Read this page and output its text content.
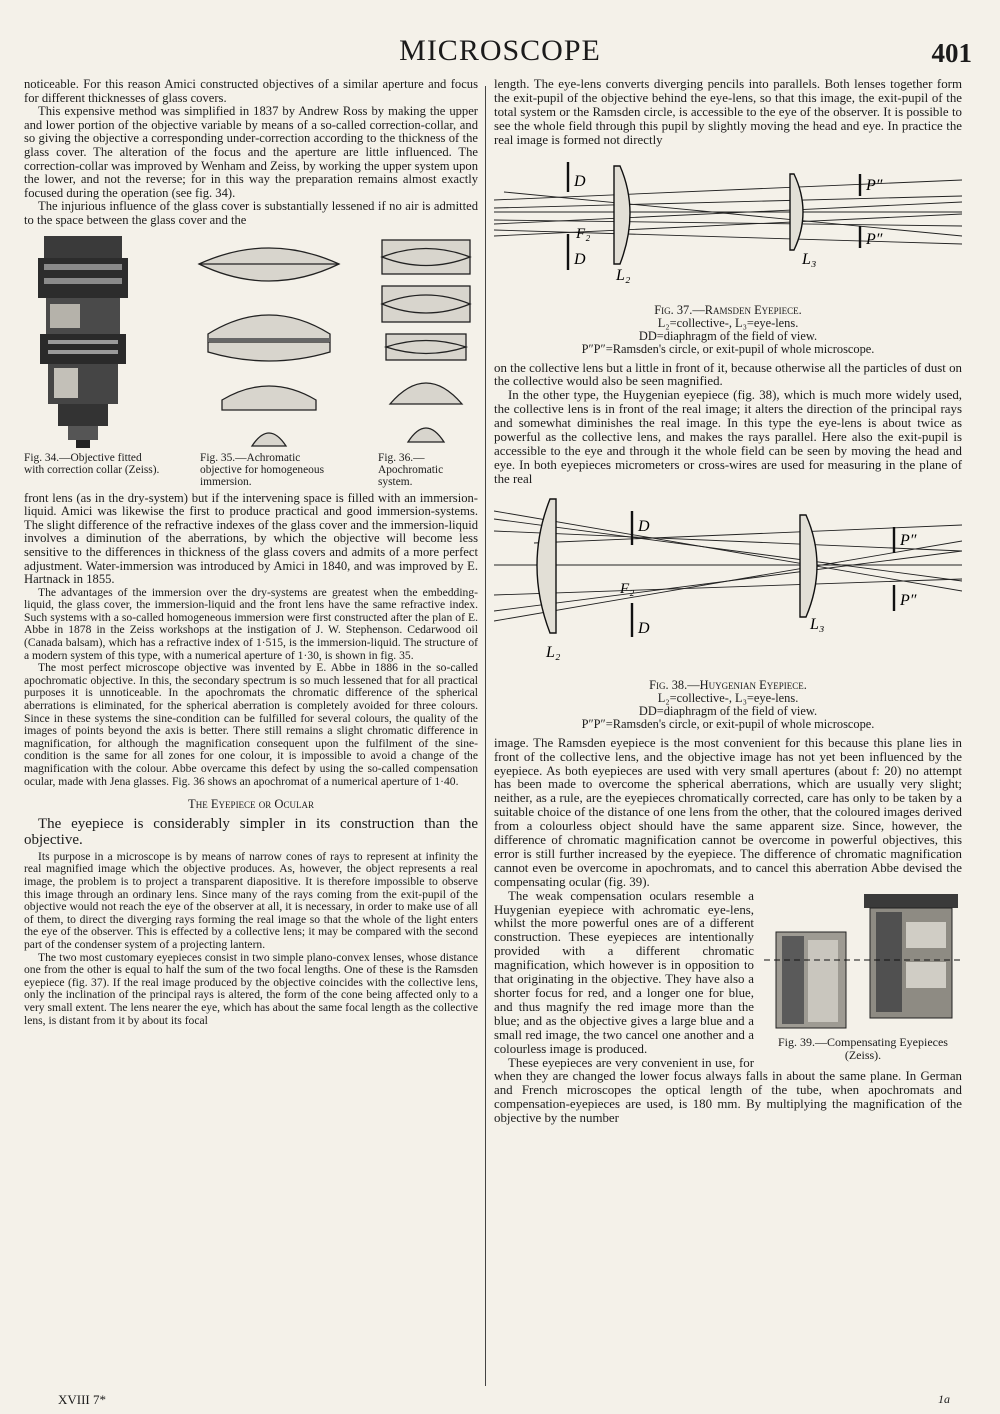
MICROSCOPE	401

noticeable. For this reason Amici constructed objectives of a similar aperture and focus for different thicknesses of glass covers.

This expensive method was simplified in 1837 by Andrew Ross by making the upper and lower portion of the objective variable by means of a so-called correction-collar, and so giving the objective a corresponding under-correction according to the thickness of the glass cover. The alteration of the focus and the aperture are little influenced. The correction-collar was improved by Wenham and Zeiss, by working the upper system upon the lower, and not the reverse; for in this way the preparation remains almost exactly focused during the operation (see fig. 34).

The injurious influence of the glass cover is substantially lessened if no air is admitted to the space between the glass cover and the

Fig. 34.—Objective fitted with correction collar (Zeiss).
Fig. 35.—Achromatic objective for homogeneous immersion.
Fig. 36.—Apochromatic system.

front lens (as in the dry-system) but if the intervening space is filled with an immersion-liquid. Amici was likewise the first to produce practical and good immersion-systems. The slight difference of the refractive indexes of the glass cover and the immersion-liquid involves a diminution of the aberrations, by which the objective will become less sensitive to the differences in thickness of the glass covers and admits of a more perfect adjustment. Water-immersion was introduced by Amici in 1840, and was improved by E. Hartnack in 1855.

The advantages of the immersion over the dry-systems are greatest when the embedding-liquid, the glass cover, the immersion-liquid and the front lens have the same refractive index. Such systems with a so-called homogeneous immersion were first constructed after the plan of E. Abbe in 1878 in the Zeiss workshops at the instigation of J. W. Stephenson. Cedarwood oil (Canada balsam), which has a refractive index of 1·515, is the immersion-liquid. The structure of a modern system of this type, with a numerical aperture of 1·30, is shown in fig. 35.

The most perfect microscope objective was invented by E. Abbe in 1886 in the so-called apochromatic objective. In this, the secondary spectrum is so much lessened that for all practical purposes it is unnoticeable. In the apochromats the chromatic difference of the spherical aberrations is eliminated, for the spherical aberration is completely avoided for three colours. Since in these systems the sine-condition can be fulfilled for several colours, the quality of the images of points beyond the axis is better. There still remains a slight chromatic difference in magnification, for although the magnification consequent upon the fulfilment of the sine-condition is the same for all zones for one colour, it is impossible to avoid a change of the magnification with the colour. Abbe overcame this defect by using the so-called compensation ocular, made with Jena glasses. Fig. 36 shows an apochromat of a numerical aperture of 1·40.

The Eyepiece or Ocular

The eyepiece is considerably simpler in its construction than the objective.

Its purpose in a microscope is by means of narrow cones of rays to represent at infinity the real magnified image which the objective produces. As, however, the object represents a real image, the problem is to project a transparent diapositive. It is therefore impossible to observe this image through an ordinary lens. Since many of the rays coming from the exit-pupil of the objective would not reach the eye of the observer at all, it is necessary, in order to make use of all of them, to direct the diverging rays forming the real image so that the whole of the light enters the eye of the observer. This is effected by a collective lens; it may be compared with the second part of the condenser system of a projecting lantern.

The two most customary eyepieces consist in two simple plano-convex lenses, whose distance one from the other is equal to half the sum of the two focal lengths. One of these is the Ramsden eyepiece (fig. 37). If the real image produced by the objective coincides with the collective lens, only the inclination of the principal rays is altered, the form of the cone being affected only to a very small extent. The lens nearer the eye, which has about the same focal length as the collective lens, is distant from it by about its focal

XVIII 7*

length. The eye-lens converts diverging pencils into parallels. Both lenses together form the exit-pupil of the objective behind the eye-lens, so that this image, the exit-pupil of the total system or the Ramsden circle, is accessible to the eye of the observer. It is possible to see the whole field through this pupil by slightly moving the head and eye. In practice the real image is formed not directly

D
D
F₂
L₂
L₃
P″
P″
Fig. 37.—Ramsden Eyepiece.
L₂=collective-, L₃=eye-lens.
DD=diaphragm of the field of view.
P″P″=Ramsden's circle, or exit-pupil of whole microscope.

on the collective lens but a little in front of it, because otherwise all the particles of dust on the collective would also be seen magnified.

In the other type, the Huygenian eyepiece (fig. 38), which is much more widely used, the collective lens is in front of the real image; it alters the direction of the principal rays and somewhat diminishes the real image. In this type the eye-lens is about twice as powerful as the collective lens, and makes the rays parallel. Here also the exit-pupil is accessible to the eye and through it the whole field can be seen by moving the head and eye. In both eyepieces micrometers or cross-wires are used for measuring in the plane of the real

D
D
F₂
L₂
L₃
P″
P″
Fig. 38.—Huygenian Eyepiece.
L₂=collective-, L₃=eye-lens.
DD=diaphragm of the field of view.
P″P″=Ramsden's circle, or exit-pupil of whole microscope.

image. The Ramsden eyepiece is the most convenient for this because this plane lies in front of the collective lens, and the objective image has not yet been influenced by the eyepiece. As both eyepieces are used with very small apertures (about f: 20) no attempt has been made to overcome the spherical aberrations, which are usually very slight; neither, as a rule, are the eyepieces chromatically corrected, care has only to be taken by a suitable choice of the distance of one lens from the other, that the coloured images derived from a colourless object should have the same apparent size. Since, however, the difference of chromatic magnification cannot be overcome in powerful objectives, this error is still further increased by the eyepiece. The difference of chromatic magnification cannot even be overcome in apochromats, and to cancel this aberration Abbe devised the compensating ocular (fig. 39).

Fig. 39.—Compensating Eyepieces (Zeiss).

The weak compensation oculars resemble a Huygenian eyepiece with achromatic eye-lens, whilst the more powerful ones are of a different construction. These eyepieces are intentionally provided with a different chromatic magnification, which however is in opposition to that originating in the objective. They have also a shorter focus for red, and a longer one for blue, and thus magnify the red image more than the blue; and as the objective gives a large blue and a small red image, the two cancel one another and a colourless image is produced.

These eyepieces are very convenient in use, for when they are changed the lower focus always falls in about the same plane. In German and French microscopes the optical length of the tube, when apochromats and compensation-eyepieces are used, is 180 mm. By multiplying the magnification of the objective by the number

1a
